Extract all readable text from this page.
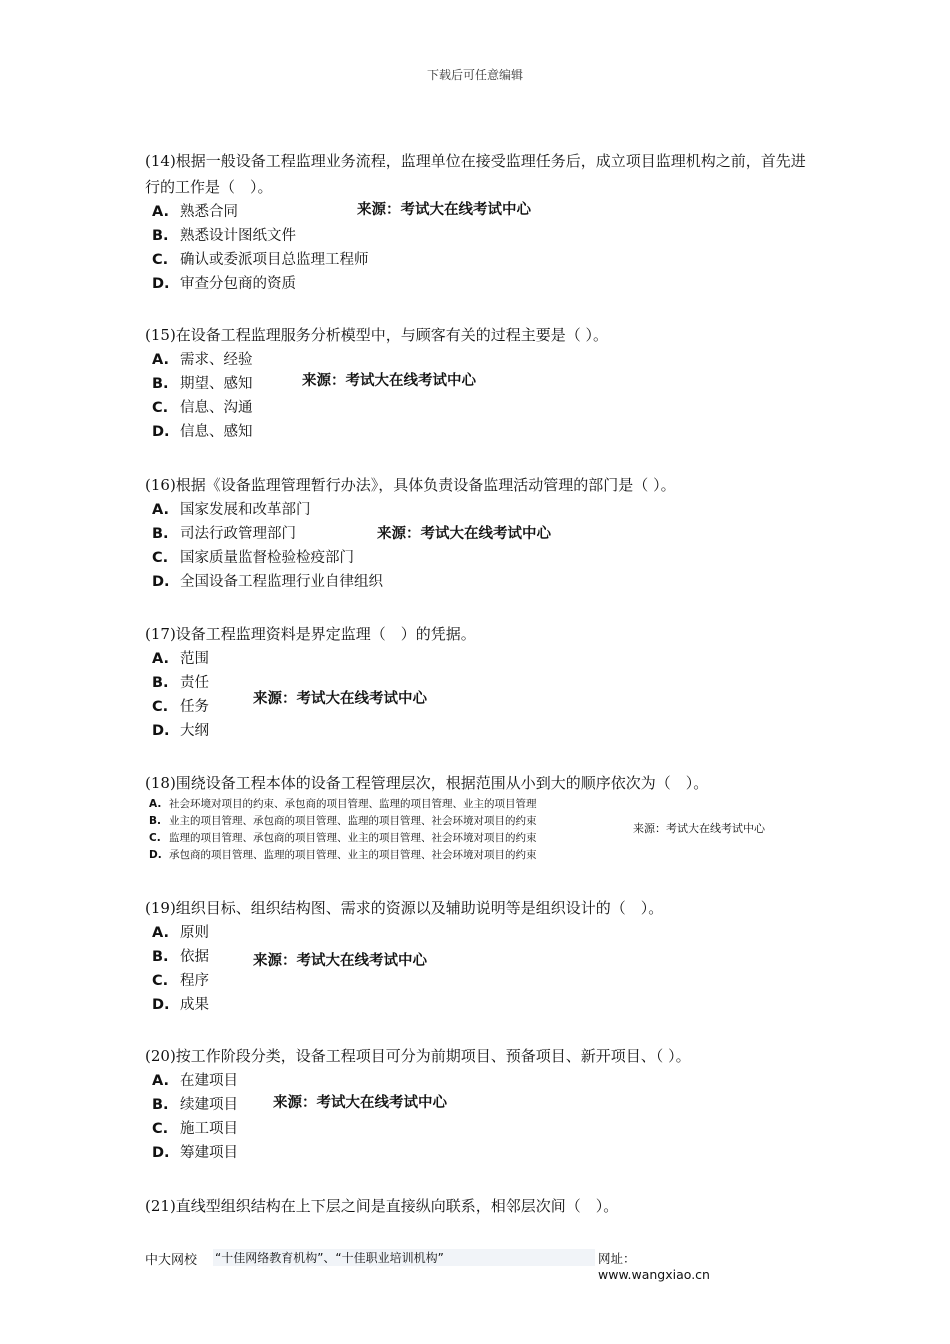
下载后可任意编辑
(14)根据一般设备工程监理业务流程，监理单位在接受监理任务后，成立项目监理机构之前，首先进行的工作是（　）。
A. 熟悉合同
B. 熟悉设计图纸文件
C. 确认或委派项目总监理工程师
D. 审查分包商的资质
来源：考试大在线考试中心
(15)在设备工程监理服务分析模型中，与顾客有关的过程主要是（ ）。
A. 需求、经验
B. 期望、感知
C. 信息、沟通
D. 信息、感知
来源：考试大在线考试中心
(16)根据《设备监理管理暂行办法》，具体负责设备监理活动管理的部门是（ ）。
A. 国家发展和改革部门
B. 司法行政管理部门
C. 国家质量监督检验检疫部门
D. 全国设备工程监理行业自律组织
来源：考试大在线考试中心
(17)设备工程监理资料是界定监理（　）的凭据。
A. 范围
B. 责任
C. 任务
D. 大纲
来源：考试大在线考试中心
(18)围绕设备工程本体的设备工程管理层次，根据范围从小到大的顺序依次为（　）。
A. 社会环境对项目的约束、承包商的项目管理、监理的项目管理、业主的项目管理
B. 业主的项目管理、承包商的项目管理、监理的项目管理、社会环境对项目的约束
C. 监理的项目管理、承包商的项目管理、业主的项目管理、社会环境对项目的约束
D. 承包商的项目管理、监理的项目管理、业主的项目管理、社会环境对项目的约束
来源：考试大在线考试中心
(19)组织目标、组织结构图、需求的资源以及辅助说明等是组织设计的（　）。
A. 原则
B. 依据
C. 程序
D. 成果
来源：考试大在线考试中心
(20)按工作阶段分类，设备工程项目可分为前期项目、预备项目、新开项目、（ ）。
A. 在建项目
B. 续建项目
C. 施工项目
D. 筹建项目
来源：考试大在线考试中心
(21)直线型组织结构在上下层之间是直接纵向联系，相邻层次间（　）。
中大网校 “十佳网络教育机构”、“十佳职业培训机构”	网址：www.wangxiao.cn
